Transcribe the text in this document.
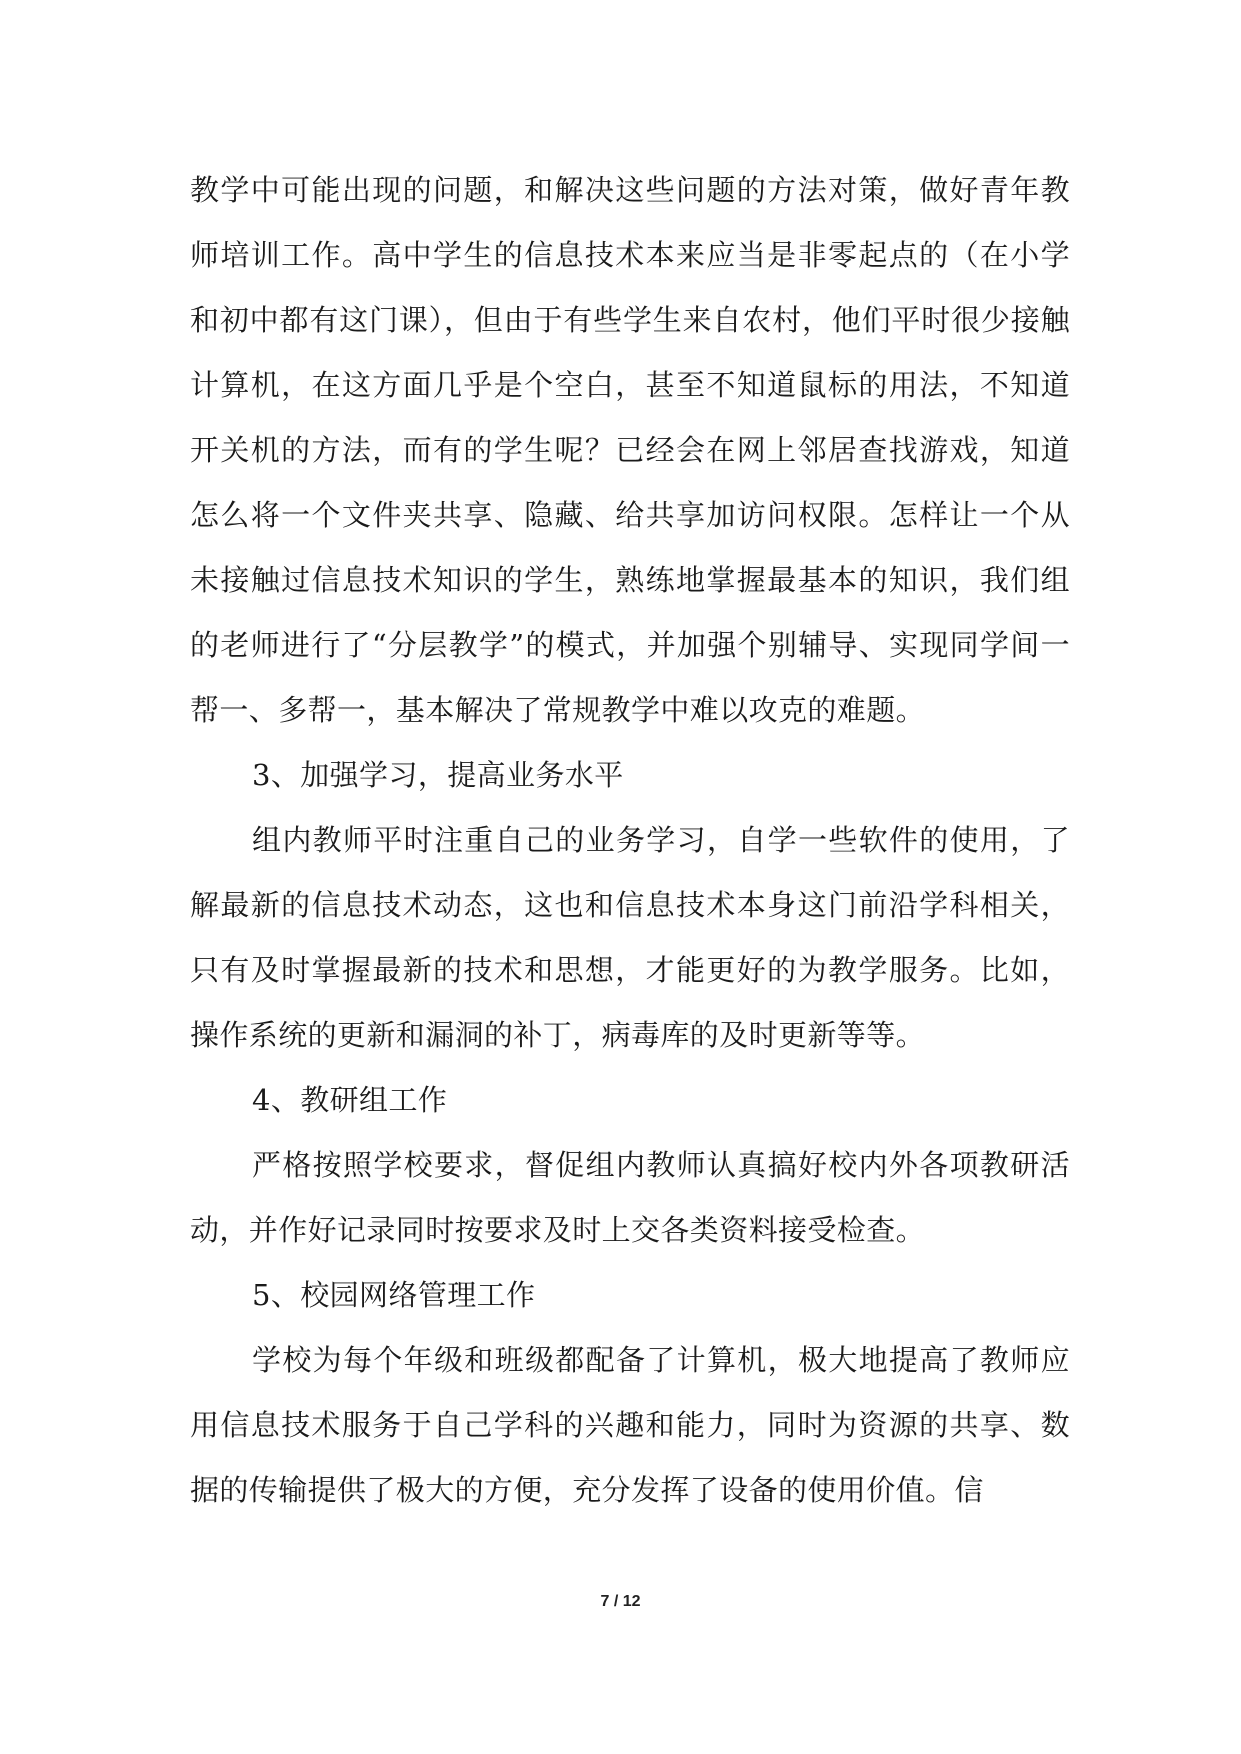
教学中可能出现的问题，和解决这些问题的方法对策，做好青年教师培训工作。高中学生的信息技术本来应当是非零起点的（在小学和初中都有这门课），但由于有些学生来自农村，他们平时很少接触计算机，在这方面几乎是个空白，甚至不知道鼠标的用法，不知道开关机的方法，而有的学生呢？已经会在网上邻居查找游戏，知道怎么将一个文件夹共享、隐藏、给共享加访问权限。怎样让一个从未接触过信息技术知识的学生，熟练地掌握最基本的知识，我们组的老师进行了“分层教学”的模式，并加强个别辅导、实现同学间一帮一、多帮一，基本解决了常规教学中难以攻克的难题。

3、加强学习，提高业务水平

组内教师平时注重自己的业务学习，自学一些软件的使用，了解最新的信息技术动态，这也和信息技术本身这门前沿学科相关，只有及时掌握最新的技术和思想，才能更好的为教学服务。比如，操作系统的更新和漏洞的补丁，病毒库的及时更新等等。

4、教研组工作

严格按照学校要求，督促组内教师认真搞好校内外各项教研活动，并作好记录同时按要求及时上交各类资料接受检查。

5、校园网络管理工作

学校为每个年级和班级都配备了计算机，极大地提高了教师应用信息技术服务于自己学科的兴趣和能力，同时为资源的共享、数据的传输提供了极大的方便，充分发挥了设备的使用价值。信

7 / 12
